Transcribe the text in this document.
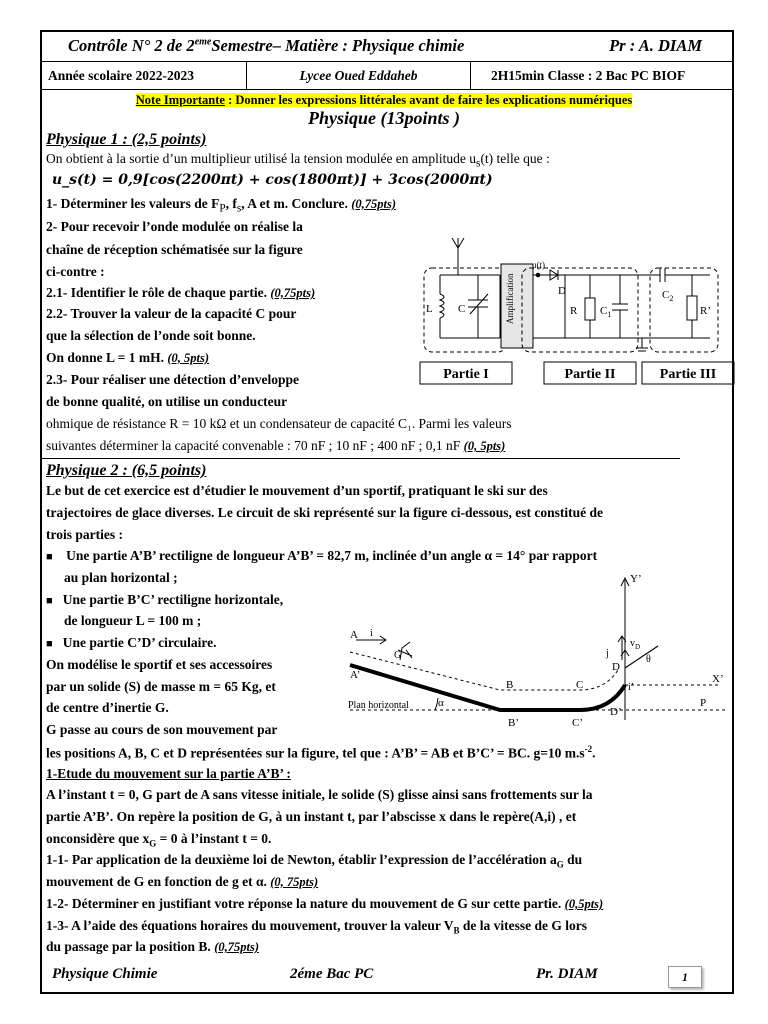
Contrôle N° 2 de 2emeSemestre– Matière : Physique chimie	Pr : A. DIAM
Année scolaire 2022-2023	Lycee Oued Eddaheb	2H15min Classe : 2 Bac PC BIOF
Note Importante : Donner les expressions littérales avant de faire les explications numériques
Physique (13points )
Physique 1 : (2,5 points)
On obtient à la sortie d’un multiplieur utilisé la tension modulée en amplitude $u_s(t)$ telle que :
u_s(t) = 0,9[cos(2200πt) + cos(1800πt)] + 3cos(2000πt)
1- Déterminer les valeurs de $F_P$, $f_s$, A et m. Conclure. (0,75pts)
2- Pour recevoir l’onde modulée on réalise la
chaîne de réception schématisée sur la figure
ci-contre :
2.1- Identifier le rôle de chaque partie. (0,75pts)
2.2- Trouver la valeur de la capacité C pour
que la sélection de l’onde soit bonne.
On donne L = 1 mH. (0, 5pts)
2.3- Pour réaliser une détection d’enveloppe
de bonne qualité, on utilise un conducteur
ohmique de résistance R = 10 kΩ et un condensateur de capacité C₁. Parmi les valeurs
suivantes déterminer la capacité convenable : 70 nF ; 10 nF ; 400 nF ; 0,1 nF (0, 5pts)
L C	Amplification
u(t)
D
R $C_1$
$C_2$
R’
Partie I	Partie II	Partie III
Physique 2 : (6,5 points)
Le but de cet exercice est d’étudier le mouvement d’un sportif, pratiquant le ski sur des
trajectoires de glace diverses. Le circuit de ski représenté sur la figure ci-dessous, est constitué de
trois parties :
■ Une partie A’B’ rectiligne de longueur A’B’ = 82,7 m, inclinée d’un angle α = 14° par rapport
au plan horizontal ;
■ Une partie B’C’ rectiligne horizontale,
de longueur L = 100 m ;
■ Une partie C’D’ circulaire.
On modélise le sportif et ses accessoires
par un solide (S) de masse m = 65 Kg, et
de centre d’inertie G.
G passe au cours de son mouvement par
les positions A, B, C et D représentées sur la figure, tel que : A’B’ = AB et B’C’ = BC. g=10 $m.s^{-2}$.
1-Etude du mouvement sur la partie A’B’ :
A l’instant t = 0, G part de A sans vitesse initiale, le solide (S) glisse ainsi sans frottements sur la
partie A’B’. On repère la position de G, à un instant t, par l’abscisse x dans le repère(A,i) , et
onconsidère que $x_G = 0$ à l’instant t = 0.
1-1- Par application de la deuxième loi de Newton, établir l’expression de l’accélération $a_G$ du
mouvement de G en fonction de g et α. (0, 75pts)
1-2- Déterminer en justifiant votre réponse la nature du mouvement de G sur cette partie. (0,5pts)
1-3- A l’aide des équations horaires du mouvement, trouver la valeur $V_B$ de la vitesse de G lors
du passage par la position B. (0,75pts)
A i
G
A’
Plan horizontal	α
B	C
B’	C’
D
D’
Y’
X’
P
$v_D$
θ
j
i’
Physique Chimie	2éme Bac PC	Pr. DIAM	1
